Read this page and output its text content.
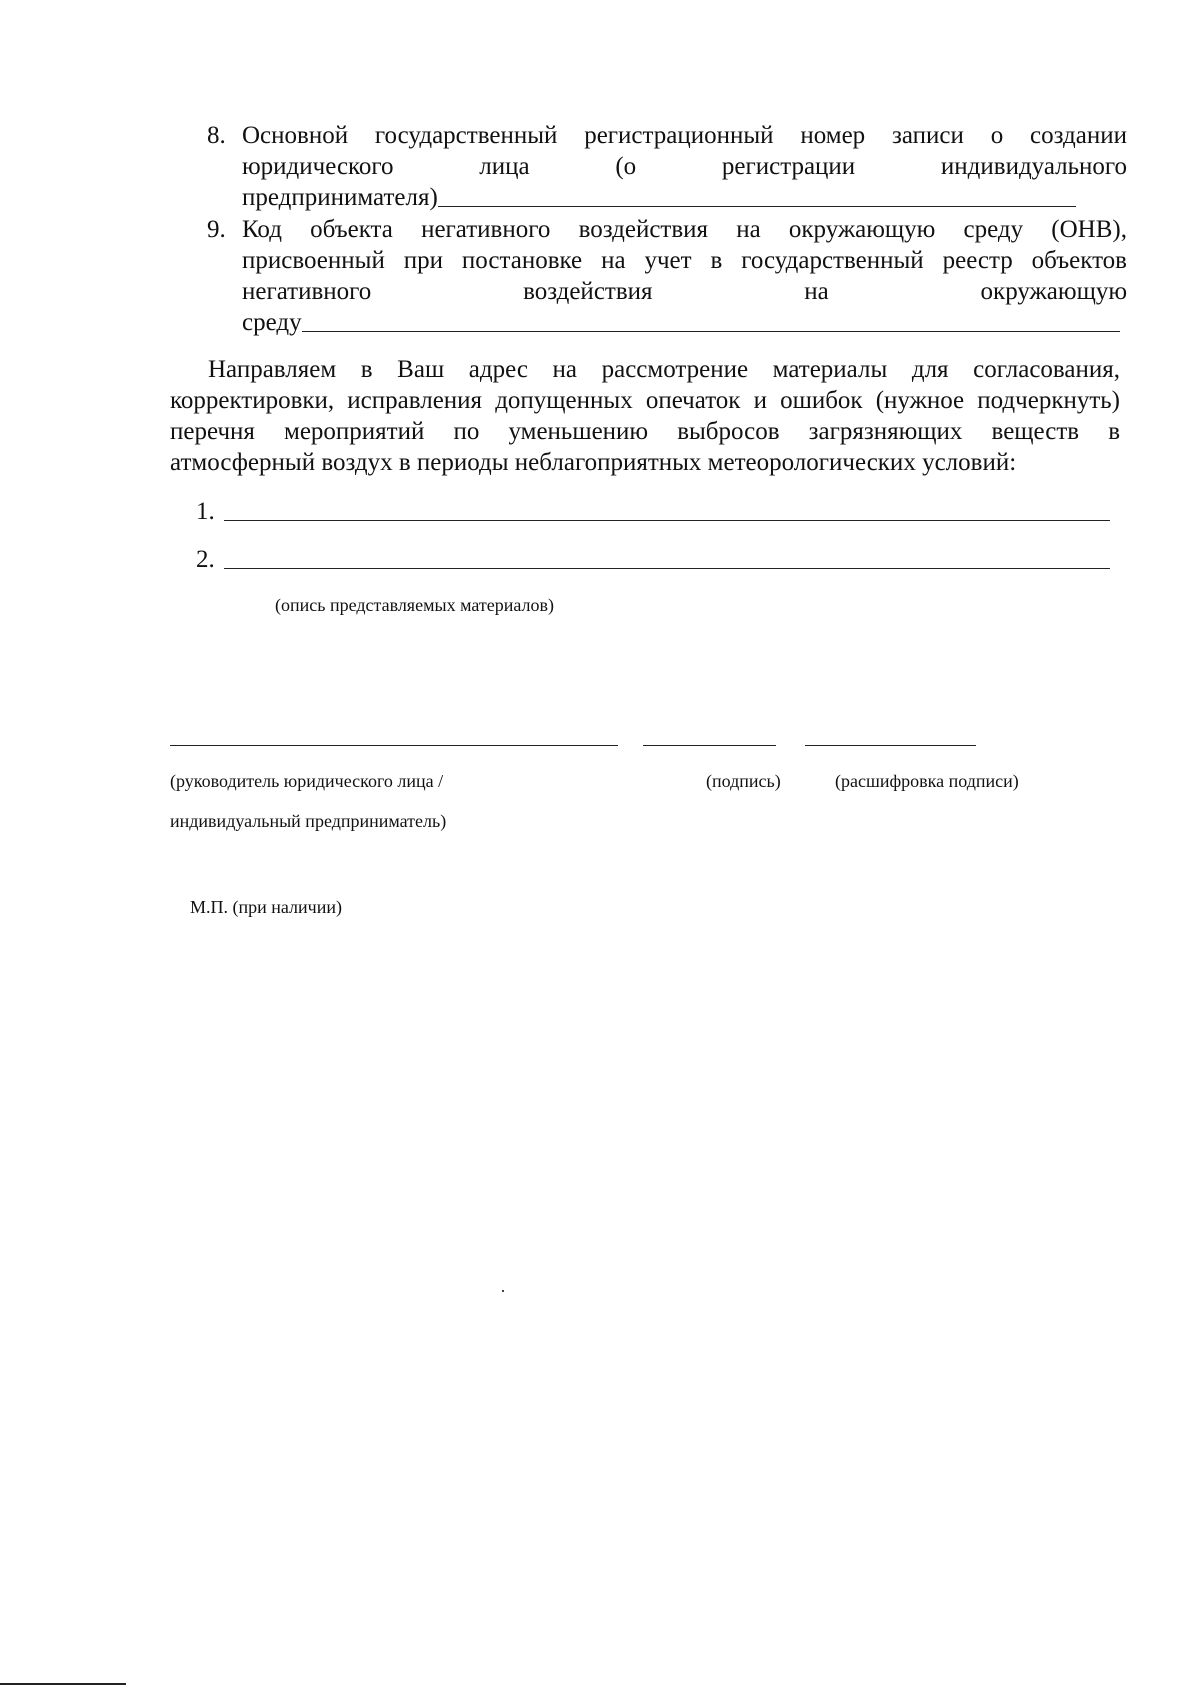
8. Основной государственный регистрационный номер записи о создании
юридического	лица	(о	регистрации	индивидуального
предпринимателя)
9. Код объекта негативного воздействия на окружающую среду (ОНВ),
присвоенный при постановке на учет в государственный реестр объектов
негативного	воздействия	на	окружающую
среду
Направляем в Ваш адрес на рассмотрение материалы для согласования,
корректировки, исправления допущенных опечаток и ошибок (нужное подчеркнуть)
перечня мероприятий по уменьшению выбросов загрязняющих веществ в
атмосферный воздух в периоды неблагоприятных метеорологических условий:
1.
2.
(опись представляемых материалов)
(руководитель юридического лица /	(подпись)	(расшифровка подписи)
индивидуальный предприниматель)
М.П. (при наличии)
